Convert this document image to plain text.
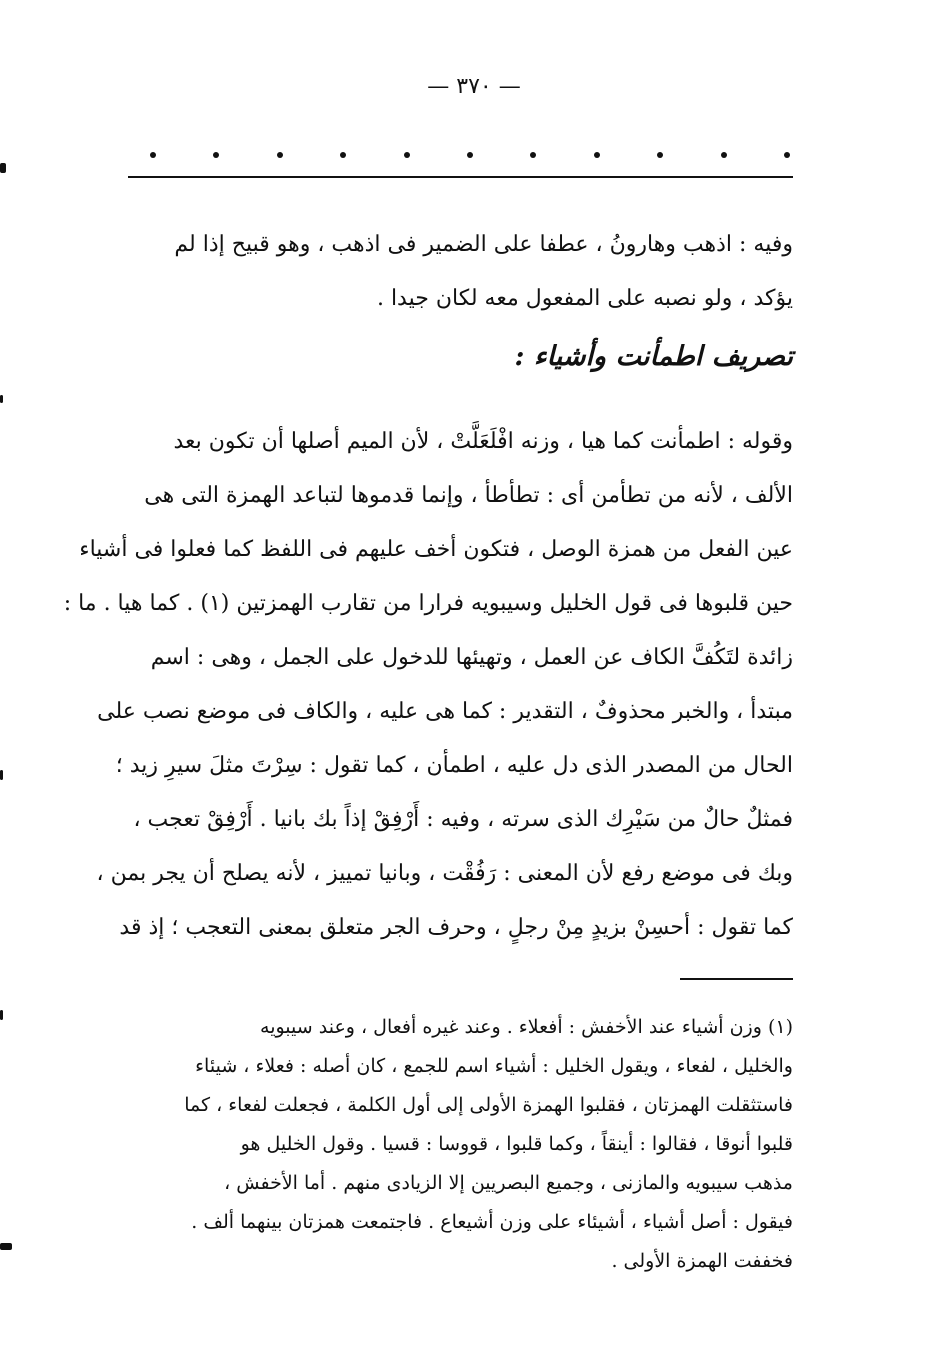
— ٣٧٠ —
وفيه : اذهب وهارونُ ، عطفا على الضمير فى اذهب ، وهو قبيح إذا لم
يؤكد ، ولو نصبه على المفعول معه لكان جيدا .
تصريف اطمأنت وأشياء :
وقوله : اطمأنت كما هيا ، وزنه افْلَعَلَّتْ ، لأن الميم أصلها أن تكون بعد
الألف ، لأنه من تطأمن أى : تطأطأ ، وإنما قدموها لتباعد الهمزة التى هى
عين الفعل من همزة الوصل ، فتكون أخف عليهم فى اللفظ كما فعلوا فى أشياء
حين قلبوها فى قول الخليل وسيبويه فرارا من تقارب الهمزتين (١) . كما هيا . ما :
زائدة لتَكُفَّ الكاف عن العمل ، وتهيئها للدخول على الجمل ، وهى : اسم
مبتدأ ، والخبر محذوفٌ ، التقدير : كما هى عليه ، والكاف فى موضع نصب على
الحال من المصدر الذى دل عليه ، اطمأن ، كما تقول : سِرْتَ مثلَ سيرِ زيد ؛
فمثلٌ حالٌ من سَيْرِك الذى سرته ، وفيه : أَرْفِقْ إذاً بك بانيا . أَرْفِقْ تعجب ،
وبك فى موضع رفع لأن المعنى : رَفُقْت ، وبانيا تمييز ، لأنه يصلح أن يجر بمن ،
كما تقول : أحسِنْ بزيدٍ مِنْ رجلٍ ، وحرف الجر متعلق بمعنى التعجب ؛ إذ قد
(١) وزن أشياء عند الأخفش : أفعلاء . وعند غيره أفعال ، وعند سيبويه
والخليل ، لفعاء ، ويقول الخليل : أشياء اسم للجمع ، كان أصله : فعلاء ، شيئاء
فاستثقلت الهمزتان ، فقلبوا الهمزة الأولى إلى أول الكلمة ، فجعلت لفعاء ، كما
قلبوا أنوقا ، فقالوا : أينقاً ، وكما قلبوا ، قووسا : قسيا . وقول الخليل هو
مذهب سيبويه والمازنى ، وجميع البصريين إلا الزيادى منهم . أما الأخفش ،
فيقول : أصل أشياء ، أشيئاء على وزن أشيعاع . فاجتمعت همزتان بينهما ألف .
فخففت الهمزة الأولى .
